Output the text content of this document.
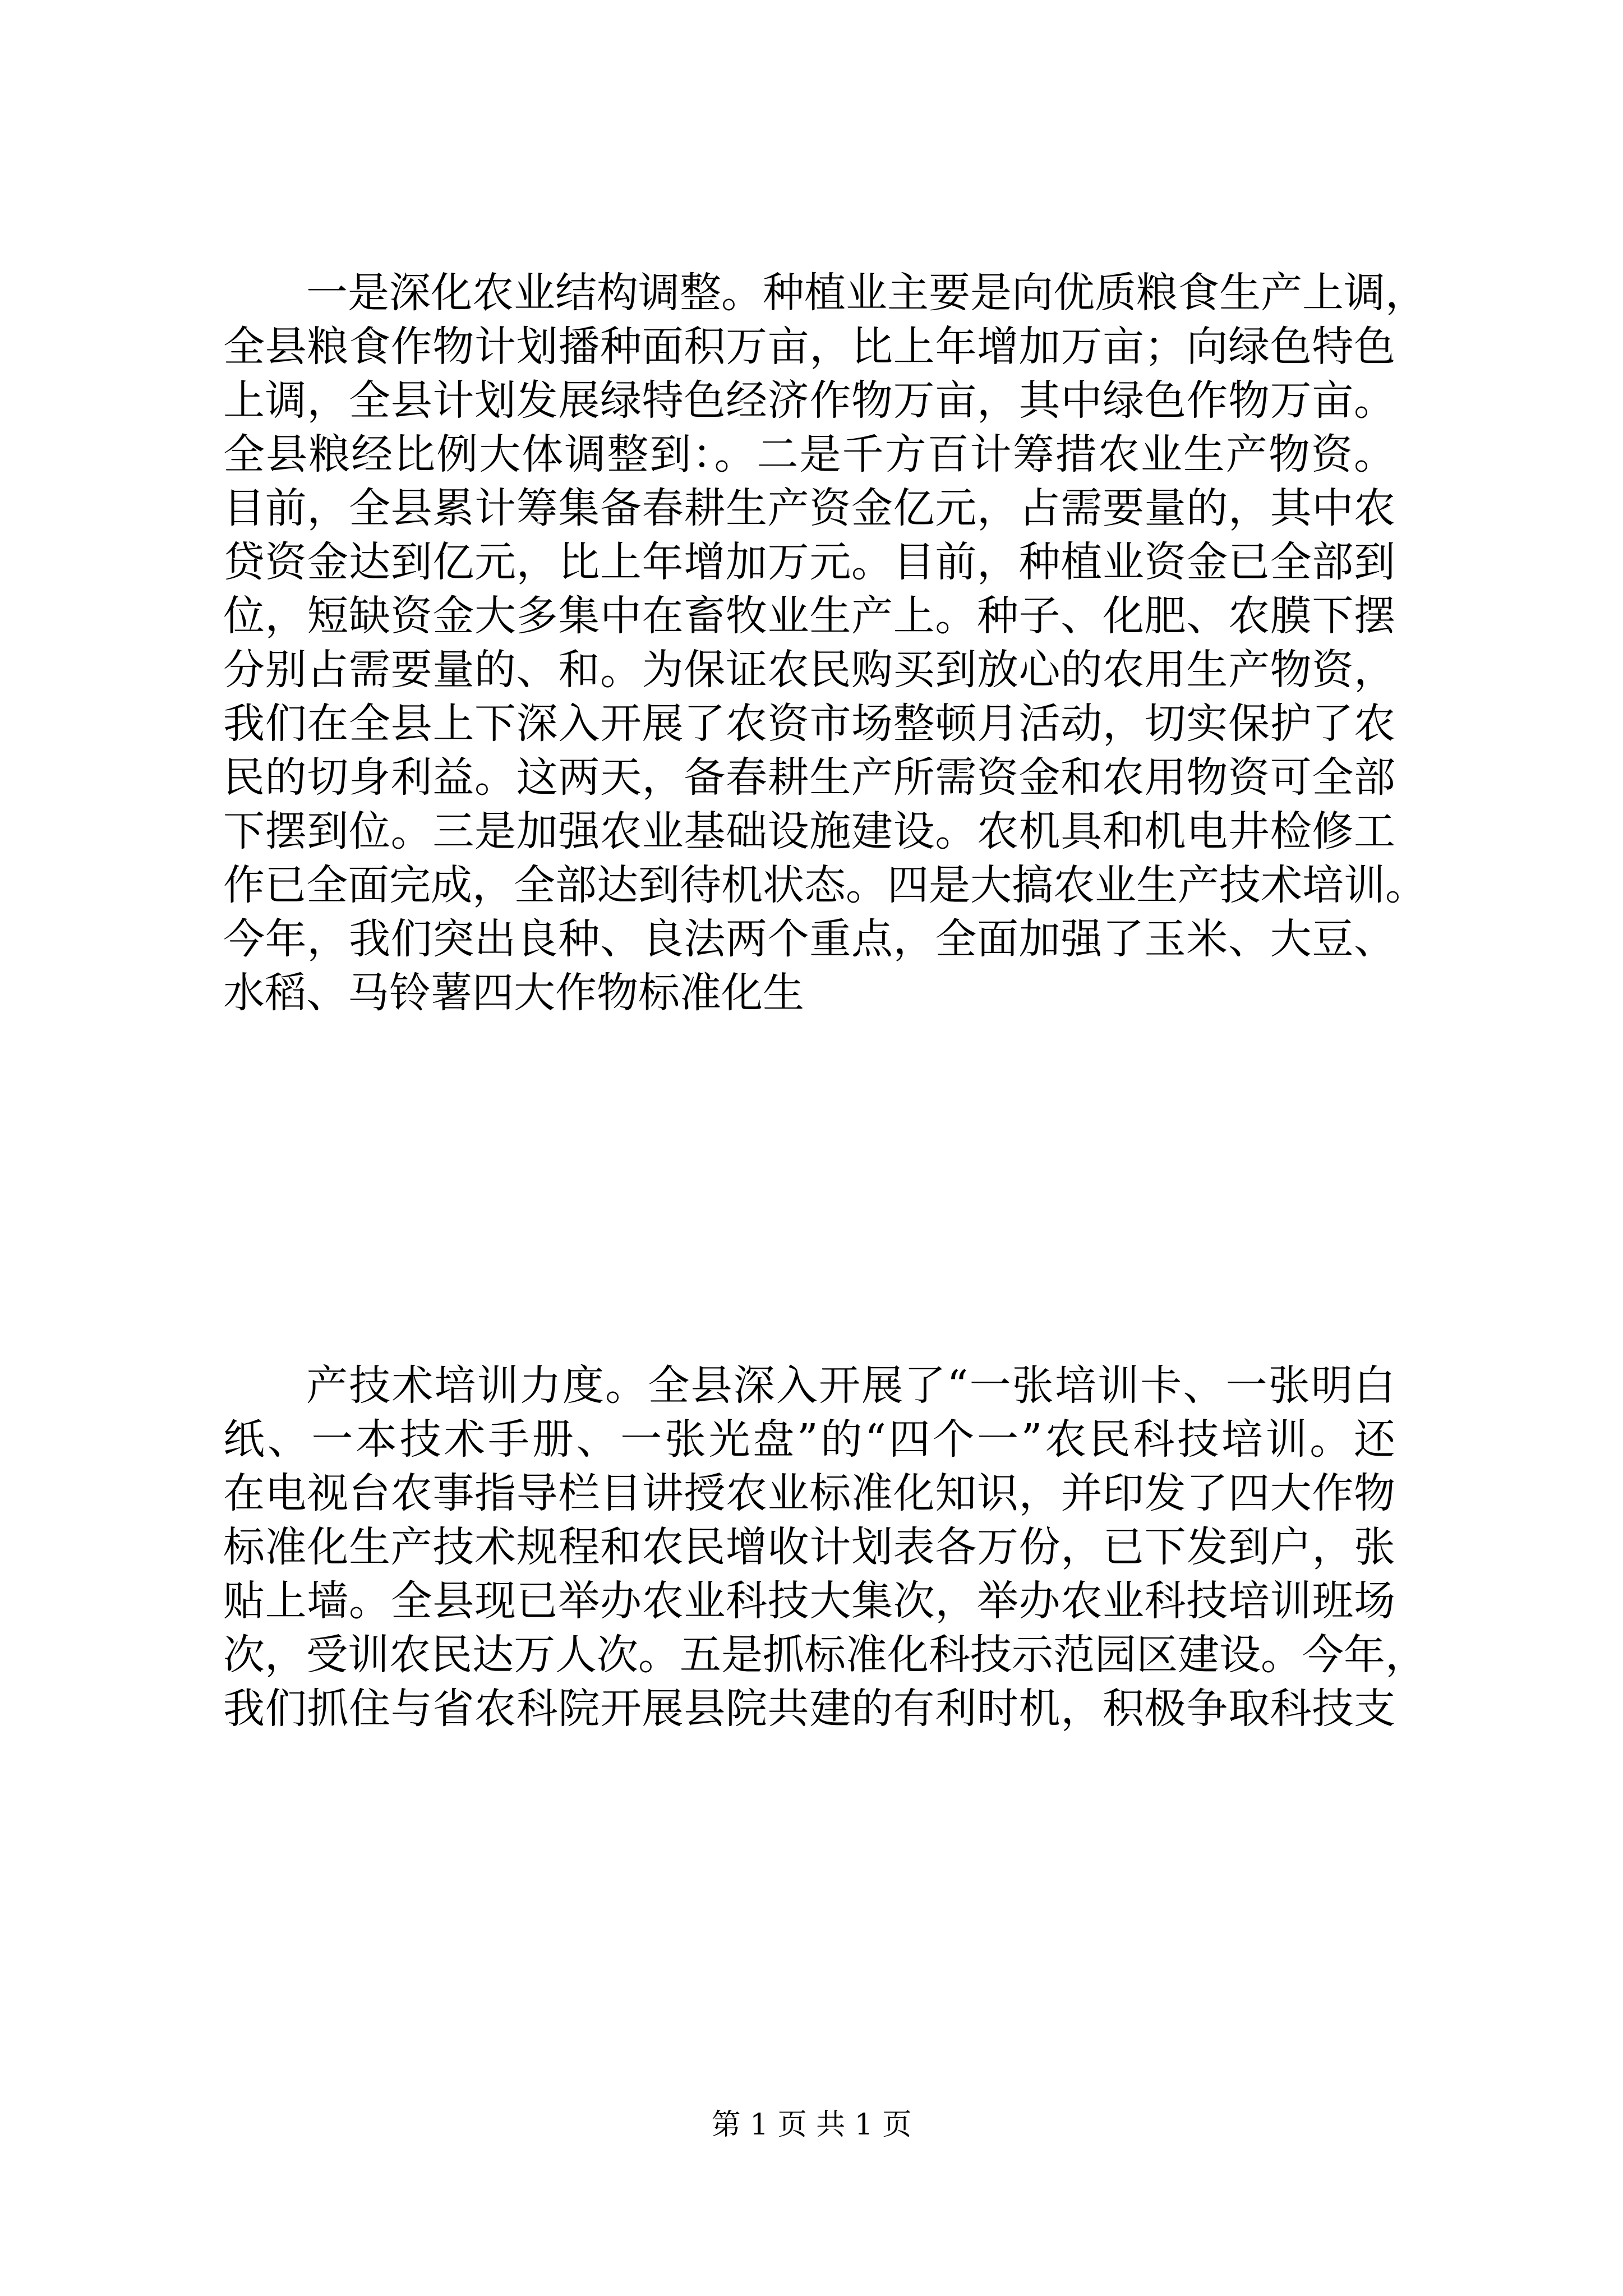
一是深化农业结构调整。种植业主要是向优质粮食生产上调，
全县粮食作物计划播种面积万亩，比上年增加万亩；向绿色特色
上调，全县计划发展绿特色经济作物万亩，其中绿色作物万亩。
全县粮经比例大体调整到：。二是千方百计筹措农业生产物资。
目前，全县累计筹集备春耕生产资金亿元，占需要量的，其中农
贷资金达到亿元，比上年增加万元。目前，种植业资金已全部到
位，短缺资金大多集中在畜牧业生产上。种子、化肥、农膜下摆
分别占需要量的、和。为保证农民购买到放心的农用生产物资，
我们在全县上下深入开展了农资市场整顿月活动，切实保护了农
民的切身利益。这两天，备春耕生产所需资金和农用物资可全部
下摆到位。三是加强农业基础设施建设。农机具和机电井检修工
作已全面完成，全部达到待机状态。四是大搞农业生产技术培训。
今年，我们突出良种、良法两个重点，全面加强了玉米、大豆、
水稻、马铃薯四大作物标准化生
产技术培训力度。全县深入开展了“一张培训卡、一张明白
纸、一本技术手册、一张光盘”的“四个一”农民科技培训。还
在电视台农事指导栏目讲授农业标准化知识，并印发了四大作物
标准化生产技术规程和农民增收计划表各万份，已下发到户，张
贴上墙。全县现已举办农业科技大集次，举办农业科技培训班场
次，受训农民达万人次。五是抓标准化科技示范园区建设。今年，
我们抓住与省农科院开展县院共建的有利时机，积极争取科技支
第 1 页 共 1 页
